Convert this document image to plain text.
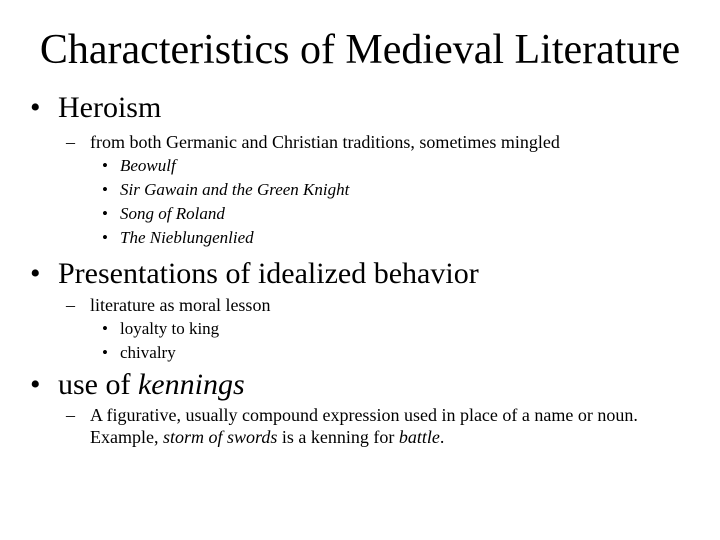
Characteristics of Medieval Literature
• Heroism
– from both Germanic and Christian traditions, sometimes mingled
• Beowulf
• Sir Gawain and the Green Knight
• Song of Roland
• The Nieblungenlied
• Presentations of idealized behavior
– literature as moral lesson
• loyalty to king
• chivalry
• use of kennings
– A figurative, usually compound expression used in place of a name or noun.
Example, storm of swords is a kenning for battle.
